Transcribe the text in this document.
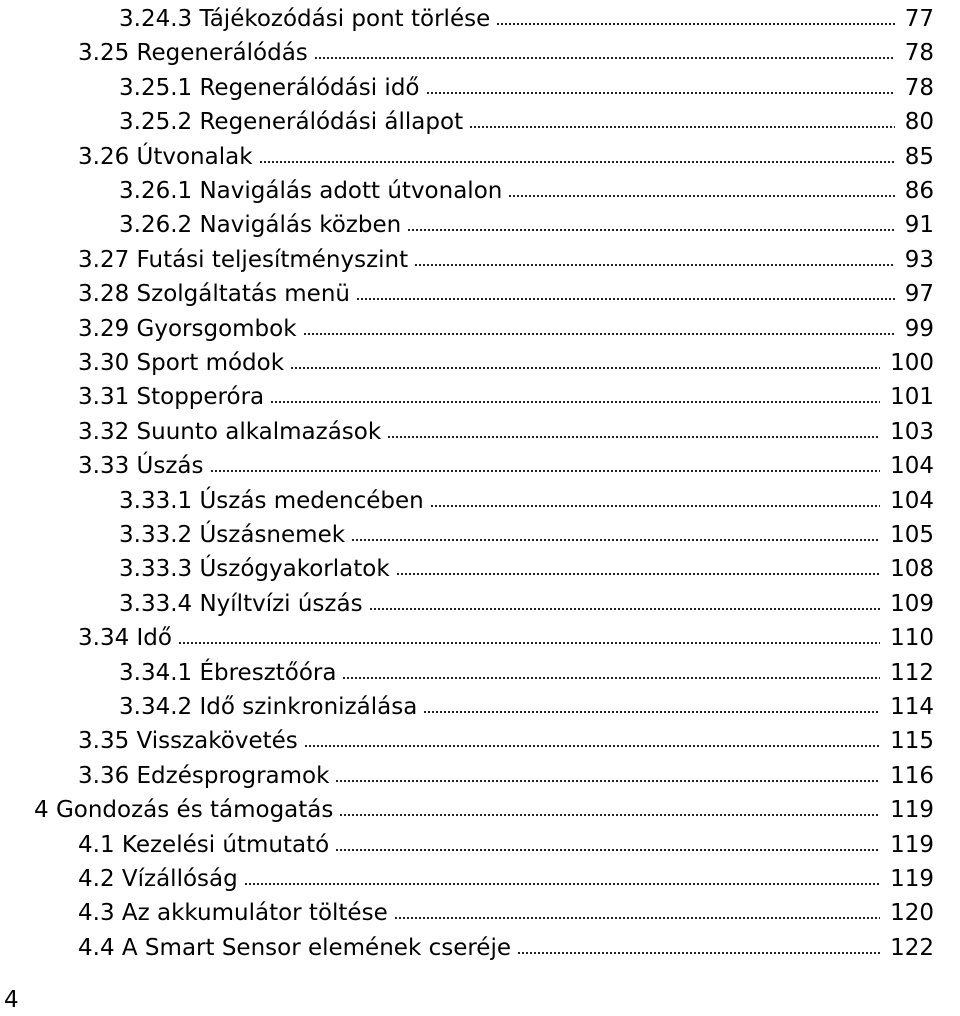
3.24.3 Tájékozódási pont törlése	77
3.25 Regenerálódás	78
3.25.1 Regenerálódási idő	78
3.25.2 Regenerálódási állapot	80
3.26 Útvonalak	85
3.26.1 Navigálás adott útvonalon	86
3.26.2 Navigálás közben	91
3.27 Futási teljesítményszint	93
3.28 Szolgáltatás menü	97
3.29 Gyorsgombok	99
3.30 Sport módok	100
3.31 Stopperóra	101
3.32 Suunto alkalmazások	103
3.33 Úszás	104
3.33.1 Úszás medencében	104
3.33.2 Úszásnemek	105
3.33.3 Úszógyakorlatok	108
3.33.4 Nyíltvízi úszás	109
3.34 Idő	110
3.34.1 Ébresztőóra	112
3.34.2 Idő szinkronizálása	114
3.35 Visszakövetés	115
3.36 Edzésprogramok	116
4 Gondozás és támogatás	119
4.1 Kezelési útmutató	119
4.2 Vízállóság	119
4.3 Az akkumulátor töltése	120
4.4 A Smart Sensor elemének cseréje	122
4
